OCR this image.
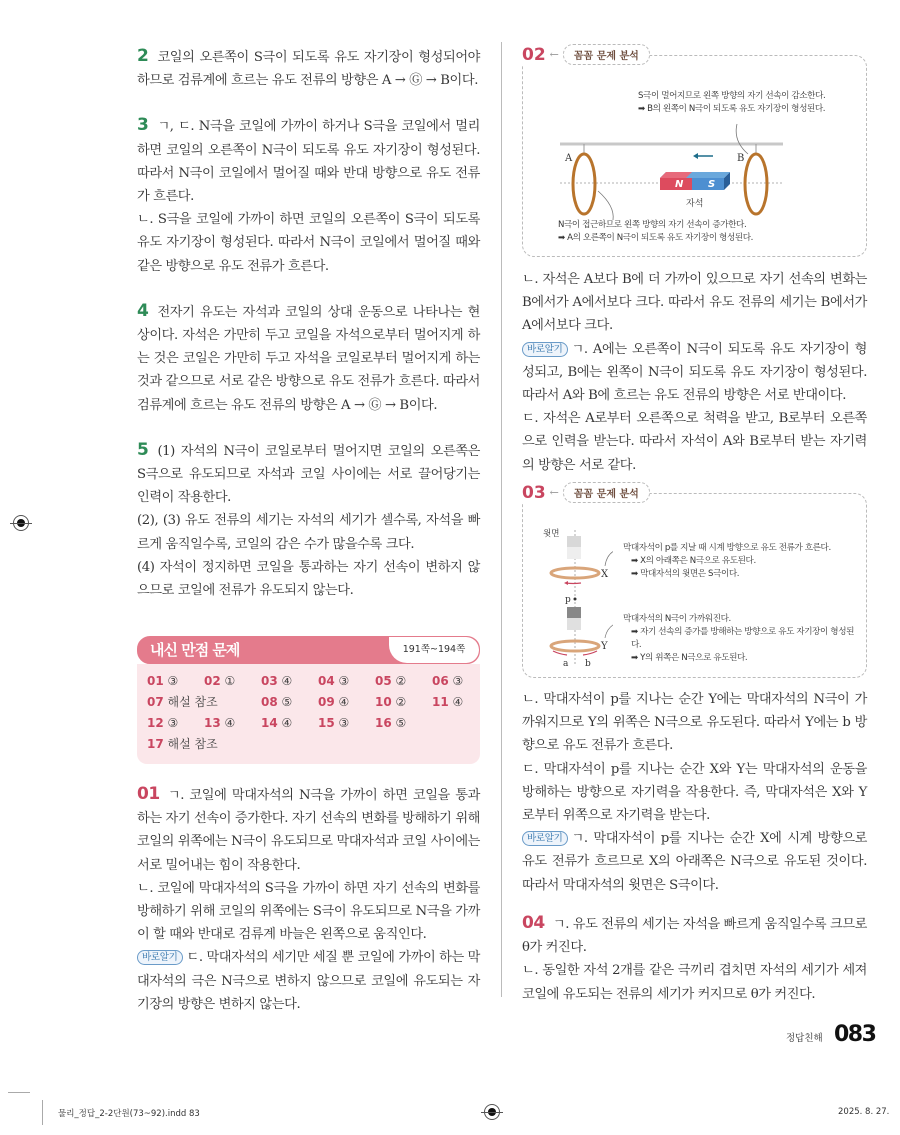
2 코일의 오른쪽이 S극이 되도록 유도 자기장이 형성되어야 하므로 검류계에 흐르는 유도 전류의 방향은 A → Ⓖ → B이다.

3 ㄱ, ㄷ. N극을 코일에 가까이 하거나 S극을 코일에서 멀리 하면 코일의 오른쪽이 N극이 되도록 유도 자기장이 형성된다. 따라서 N극이 코일에서 멀어질 때와 반대 방향으로 유도 전류가 흐른다.

ㄴ. S극을 코일에 가까이 하면 코일의 오른쪽이 S극이 되도록 유도 자기장이 형성된다. 따라서 N극이 코일에서 멀어질 때와 같은 방향으로 유도 전류가 흐른다.

4 전자기 유도는 자석과 코일의 상대 운동으로 나타나는 현상이다. 자석은 가만히 두고 코일을 자석으로부터 멀어지게 하는 것은 코일은 가만히 두고 자석을 코일로부터 멀어지게 하는 것과 같으므로 서로 같은 방향으로 유도 전류가 흐른다. 따라서 검류계에 흐르는 유도 전류의 방향은 A → Ⓖ → B이다.

5 (1) 자석의 N극이 코일로부터 멀어지면 코일의 오른쪽은 S극으로 유도되므로 자석과 코일 사이에는 서로 끌어당기는 인력이 작용한다.

(2), (3) 유도 전류의 세기는 자석의 세기가 셀수록, 자석을 빠르게 움직일수록, 코일의 감은 수가 많을수록 크다.

(4) 자석이 정지하면 코일을 통과하는 자기 선속이 변하지 않으므로 코일에 전류가 유도되지 않는다.

내신 만점 문제	191쪽~194쪽
01 ③	02 ①	03 ④	04 ③	05 ②	06 ③
07 해설 참조	08 ⑤	09 ④	10 ②	11 ④
12 ③	13 ④	14 ④	15 ③	16 ⑤
17 해설 참조

01 ㄱ. 코일에 막대자석의 N극을 가까이 하면 코일을 통과하는 자기 선속이 증가한다. 자기 선속의 변화를 방해하기 위해 코일의 위쪽에는 N극이 유도되므로 막대자석과 코일 사이에는 서로 밀어내는 힘이 작용한다.

ㄴ. 코일에 막대자석의 S극을 가까이 하면 자기 선속의 변화를 방해하기 위해 코일의 위쪽에는 S극이 유도되므로 N극을 가까이 할 때와 반대로 검류계 바늘은 왼쪽으로 움직인다.

바로알기 ㄷ. 막대자석의 세기만 세질 뿐 코일에 가까이 하는 막대자석의 극은 N극으로 변하지 않으므로 코일에 유도되는 자기장의 방향은 변하지 않는다.

02 ←	꼼꼼 문제 분석
S극이 멀어지므로 왼쪽 방향의 자기 선속이 감소한다.
➡ B의 왼쪽이 N극이 되도록 유도 자기장이 형성된다.
N S
A	B
자석
N극이 접근하므로 왼쪽 방향의 자기 선속이 증가한다.
➡ A의 오른쪽이 N극이 되도록 유도 자기장이 형성된다.

ㄴ. 자석은 A보다 B에 더 가까이 있으므로 자기 선속의 변화는 B에서가 A에서보다 크다. 따라서 유도 전류의 세기는 B에서가 A에서보다 크다.

바로알기 ㄱ. A에는 오른쪽이 N극이 되도록 유도 자기장이 형성되고, B에는 왼쪽이 N극이 되도록 유도 자기장이 형성된다. 따라서 A와 B에 흐르는 유도 전류의 방향은 서로 반대이다.

ㄷ. 자석은 A로부터 오른쪽으로 척력을 받고, B로부터 오른쪽으로 인력을 받는다. 따라서 자석이 A와 B로부터 받는 자기력의 방향은 서로 같다.

03 ←	꼼꼼 문제 분석
윗면
p
a b
X
Y
막대자석이 p를 지날 때 시계 방향으로 유도 전류가 흐른다.
➡ X의 아래쪽은 N극으로 유도된다.
➡ 막대자석의 윗면은 S극이다.
막대자석의 N극이 가까워진다.
➡ 자기 선속의 증가를 방해하는 방향으로 유도 자기장이 형성된다.
➡ Y의 위쪽은 N극으로 유도된다.

ㄴ. 막대자석이 p를 지나는 순간 Y에는 막대자석의 N극이 가까워지므로 Y의 위쪽은 N극으로 유도된다. 따라서 Y에는 b 방향으로 유도 전류가 흐른다.

ㄷ. 막대자석이 p를 지나는 순간 X와 Y는 막대자석의 운동을 방해하는 방향으로 자기력을 작용한다. 즉, 막대자석은 X와 Y로부터 위쪽으로 자기력을 받는다.

바로알기 ㄱ. 막대자석이 p를 지나는 순간 X에 시계 방향으로 유도 전류가 흐르므로 X의 아래쪽은 N극으로 유도된 것이다. 따라서 막대자석의 윗면은 S극이다.

04 ㄱ. 유도 전류의 세기는 자석을 빠르게 움직일수록 크므로 θ가 커진다.

ㄴ. 동일한 자석 2개를 같은 극끼리 겹치면 자석의 세기가 세져 코일에 유도되는 전류의 세기가 커지므로 θ가 커진다.

정답친해 083
물리_정답_2-2단원(73~92).indd 83	2025. 8. 27.
